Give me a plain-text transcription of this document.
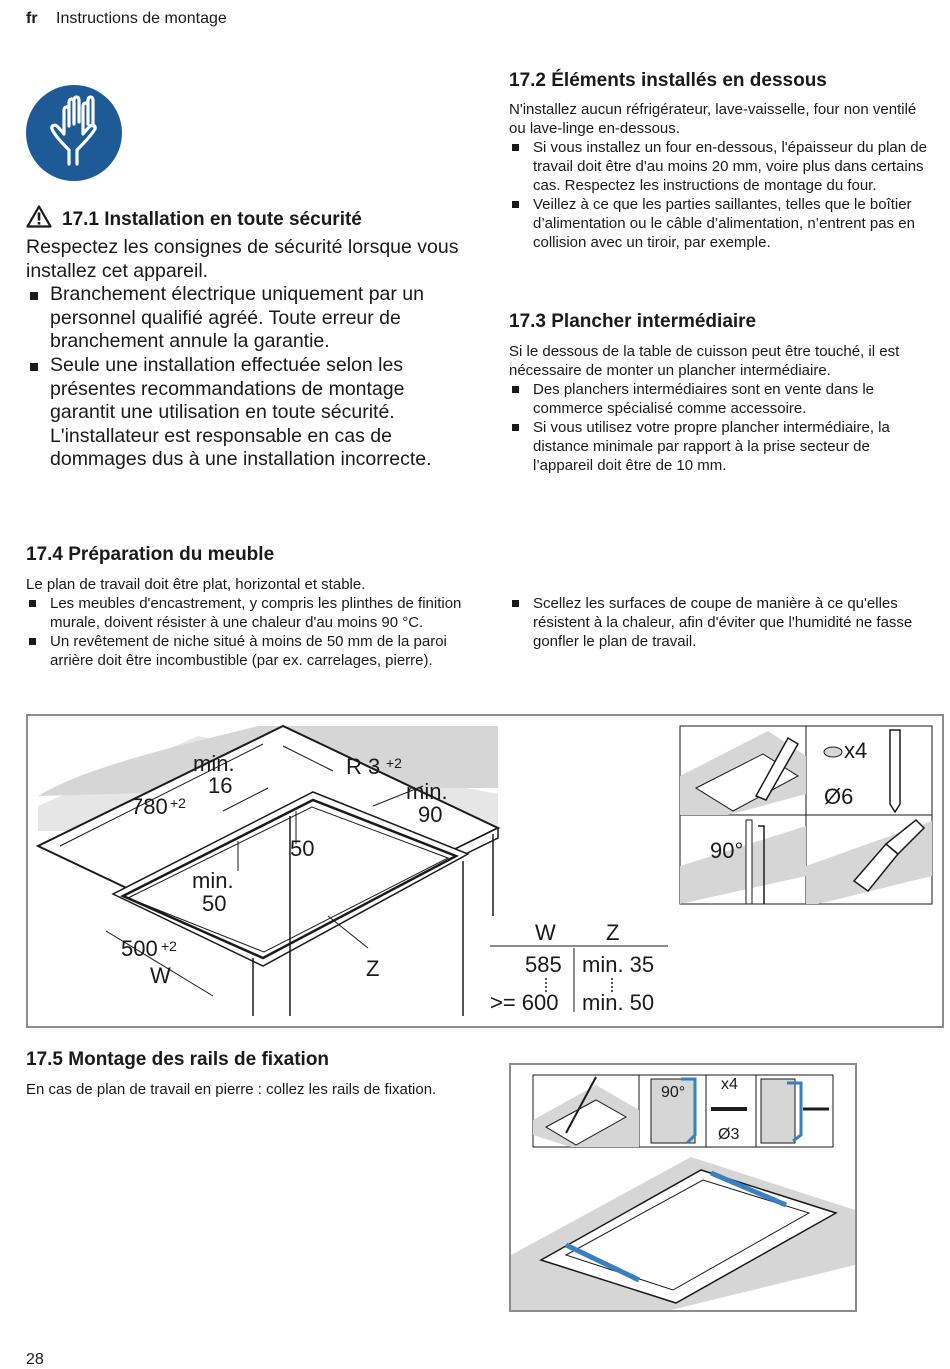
fr Instructions de montage
17.1 Installation en toute sécurité

Respectez les consignes de sécurité lorsque vous installez cet appareil.

Branchement électrique uniquement par un personnel qualifié agréé. Toute erreur de branchement annule la garantie.
Seule une installation effectuée selon les présentes recommandations de montage garantit une utilisation en toute sécurité. L'installateur est responsable en cas de dommages dus à une installation incorrecte.
17.2 Éléments installés en dessous

N'installez aucun réfrigérateur, lave-vaisselle, four non ventilé ou lave-linge en-dessous.

Si vous installez un four en-dessous, l'épaisseur du plan de travail doit être d'au moins 20 mm, voire plus dans certains cas. Respectez les instructions de montage du four.
Veillez à ce que les parties saillantes, telles que le boîtier d’alimentation ou le câble d’alimentation, n’entrent pas en collision avec un tiroir, par exemple.
17.3 Plancher intermédiaire

Si le dessous de la table de cuisson peut être touché, il est nécessaire de monter un plancher intermédiaire.

Des planchers intermédiaires sont en vente dans le commerce spécialisé comme accessoire.
Si vous utilisez votre propre plancher intermédiaire, la distance minimale par rapport à la prise secteur de l’appareil doit être de 10 mm.
17.4 Préparation du meuble

Le plan de travail doit être plat, horizontal et stable.

Les meubles d'encastrement, y compris les plinthes de finition murale, doivent résister à une chaleur d'au moins 90 °C.
Un revêtement de niche situé à moins de 50 mm de la paroi arrière doit être incombustible (par ex. carrelages, pierre).
Scellez les surfaces de coupe de manière à ce qu'elles résistent à la chaleur, afin d'éviter que l'humidité ne fasse gonfler le plan de travail.
min.
16
R 3 +2
min.
90
780 +2
50
min.
50
500 +2
W	Z
W Z
585 min. 35
>= 600 min. 50
x4
Ø6
90°
17.5 Montage des rails de fixation

En cas de plan de travail en pierre : collez les rails de fixation.	90° x4
Ø3
28
